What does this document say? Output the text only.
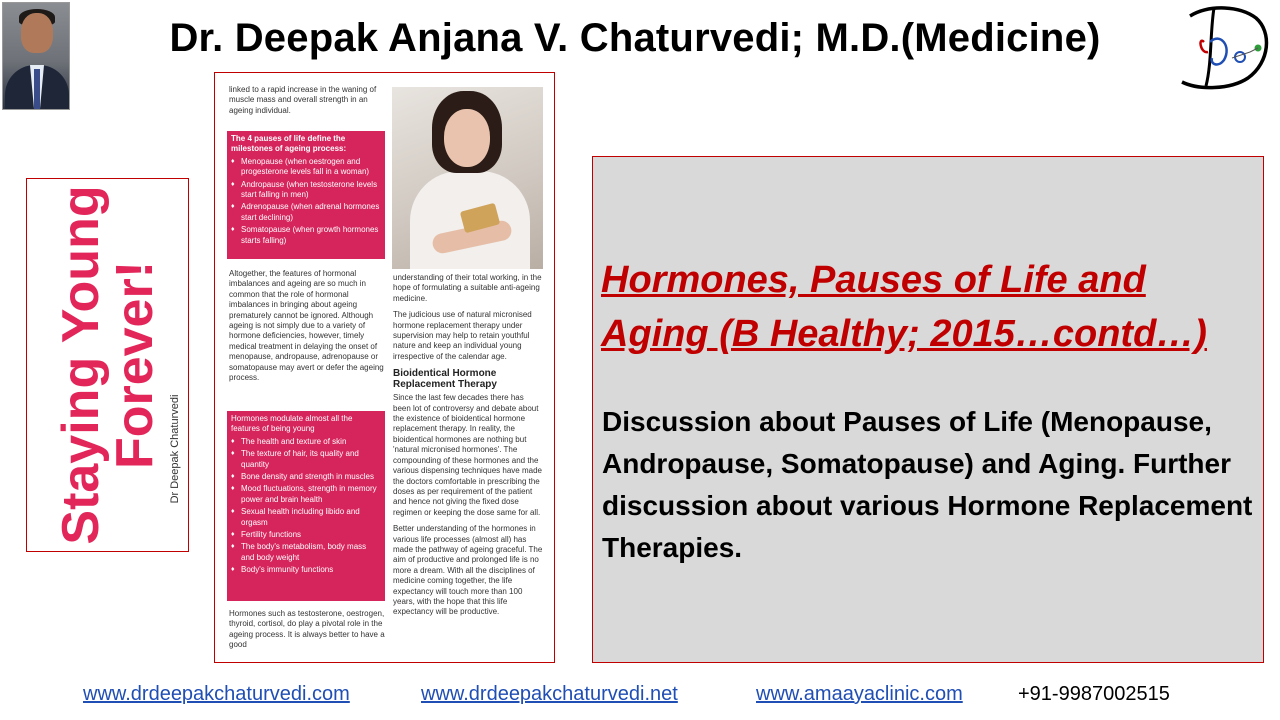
Dr. Deepak Anjana V. Chaturvedi; M.D.(Medicine)
Staying Young
Forever! Dr Deepak Chaturvedi
linked to a rapid increase in the waning of muscle mass and overall strength in an ageing individual.
The 4 pauses of life define the milestones of ageing process:
♦ Menopause (when oestrogen and progesterone levels fall in a woman)
♦ Andropause (when testosterone levels start falling in men)
♦ Adrenopause (when adrenal hormones start declining)
♦ Somatopause (when growth hormones starts falling)
Altogether, the features of hormonal imbalances and ageing are so much in common that the role of hormonal imbalances in bringing about ageing prematurely cannot be ignored. Although ageing is not simply due to a variety of hormone deficiencies, however, timely medical treatment in delaying the onset of menopause, andropause, adrenopause or somatopause may avert or defer the ageing process.
Hormones modulate almost all the features of being young
♦ The health and texture of skin
♦ The texture of hair, its quality and quantity
♦ Bone density and strength in muscles
♦ Mood fluctuations, strength in memory power and brain health
♦ Sexual health including libido and orgasm
♦ Fertility functions
♦ The body's metabolism, body mass and body weight
♦ Body's immunity functions
Hormones such as testosterone, oestrogen, thyroid, cortisol, do play a pivotal role in the ageing process. It is always better to have a good

understanding of their total working, in the hope of formulating a suitable anti-ageing medicine.

The judicious use of natural micronised hormone replacement therapy under supervision may help to retain youthful nature and keep an individual young irrespective of the calendar age.

Bioidentical Hormone Replacement Therapy

Since the last few decades there has been lot of controversy and debate about the existence of bioidentical hormone replacement therapy. In reality, the bioidentical hormones are nothing but 'natural micronised hormones'. The compounding of these hormones and the various dispensing techniques have made the doctors comfortable in prescribing the doses as per requirement of the patient and hence not giving the fixed dose regimen or keeping the dose same for all.

Better understanding of the hormones in various life processes (almost all) has made the pathway of ageing graceful. The aim of productive and prolonged life is no more a dream. With all the disciplines of medicine coming together, the life expectancy will touch more than 100 years, with the hope that this life expectancy will be productive.

Hormones, Pauses of Life and Aging (B Healthy; 2015…contd…)

Discussion about Pauses of Life (Menopause, Andropause, Somatopause) and Aging. Further discussion about various Hormone Replacement Therapies.

www.drdeepakchaturvedi.com	www.drdeepakchaturvedi.net	www.amaayaclinic.com	+91-9987002515
